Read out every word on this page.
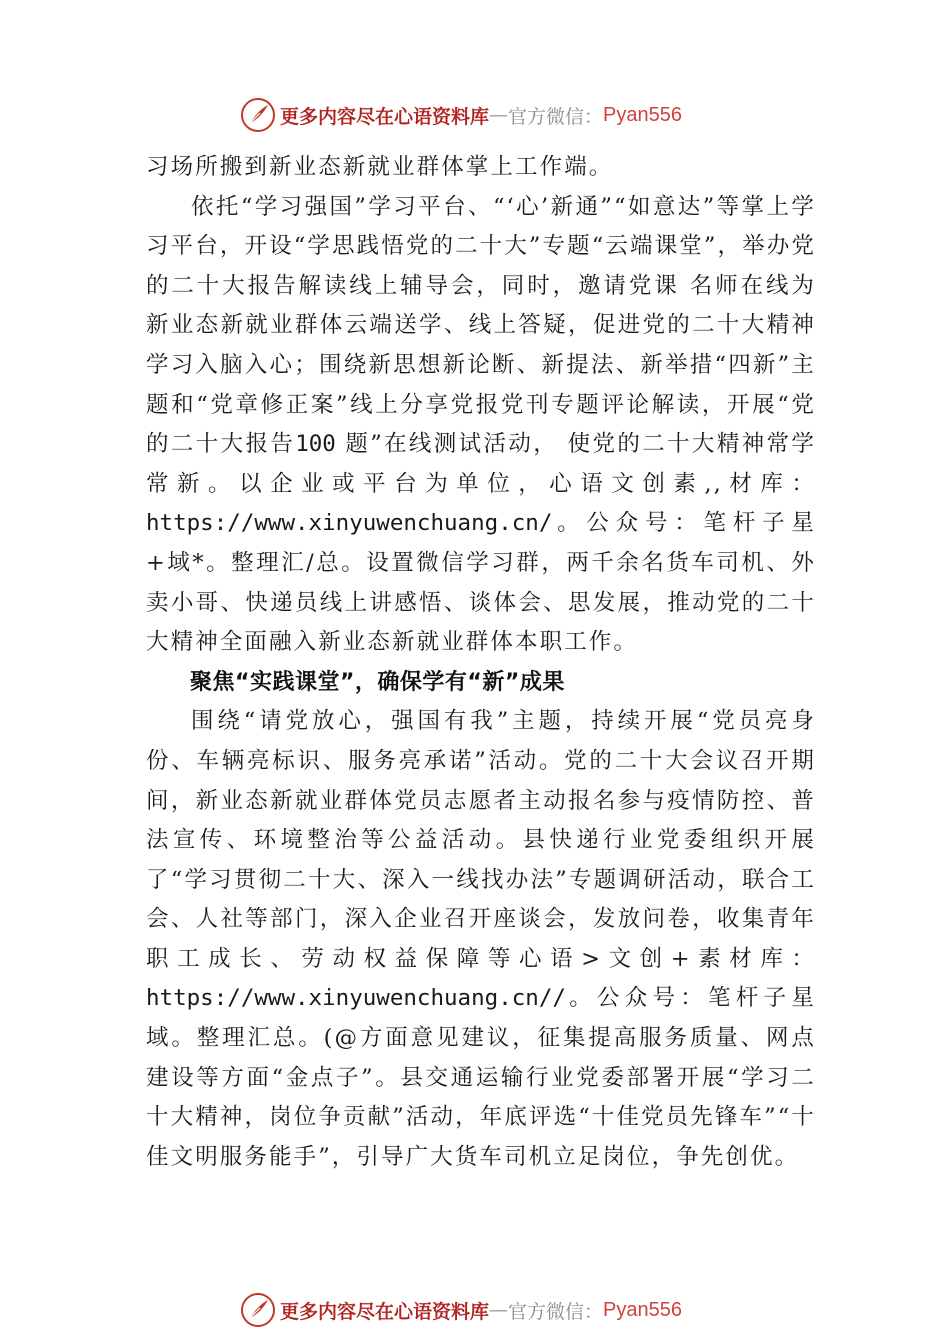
更多内容尽在心语资料库 — 官方微信： Pyan556

习场所搬到新业态新就业群体掌上工作端。

依托“学习强国”学习平台、“‘心’新通”“如意达”等掌上学习平台，开设“学思践悟党的二十大”专题“云端课堂”，举办党的二十大报告解读线上辅导会，同时，邀请党课 名师在线为新业态新就业群体云端送学、线上答疑，促进党的二十大精神学习入脑入心；围绕新思想新论断、新提法、新举措“四新”主题和“党章修正案”线上分享党报党刊专题评论解读，开展“党的二十大报告100 题”在线测试活动， 使党的二十大精神常学常新。以企业或平台为单位，心语文创素,,材库：https://www.xinyuwenchuang.cn/。公众号：笔杆子星+域*。整理汇/总。设置微信学习群，两千余名货车司机、外卖小哥、快递员线上讲感悟、谈体会、思发展，推动党的二十大精神全面融入新业态新就业群体本职工作。

聚焦“实践课堂”，确保学有“新”成果

围绕“请党放心，强国有我”主题，持续开展“党员亮身份、车辆亮标识、服务亮承诺”活动。党的二十大会议召开期间，新业态新就业群体党员志愿者主动报名参与疫情防控、普法宣传、环境整治等公益活动。县快递行业党委组织开展了“学习贯彻二十大、深入一线找办法”专题调研活动，联合工会、人社等部门，深入企业召开座谈会，发放问卷，收集青年职工成长、劳动权益保障等心语>文创+素材库：https://www.xinyuwenchuang.cn//。公众号：笔杆子星域。整理汇总。(@方面意见建议，征集提高服务质量、网点建设等方面“金点子”。县交通运输行业党委部署开展“学习二十大精神，岗位争贡献”活动，年底评选“十佳党员先锋车”“十佳文明服务能手”，引导广大货车司机立足岗位，争先创优。

更多内容尽在心语资料库 — 官方微信： Pyan556
